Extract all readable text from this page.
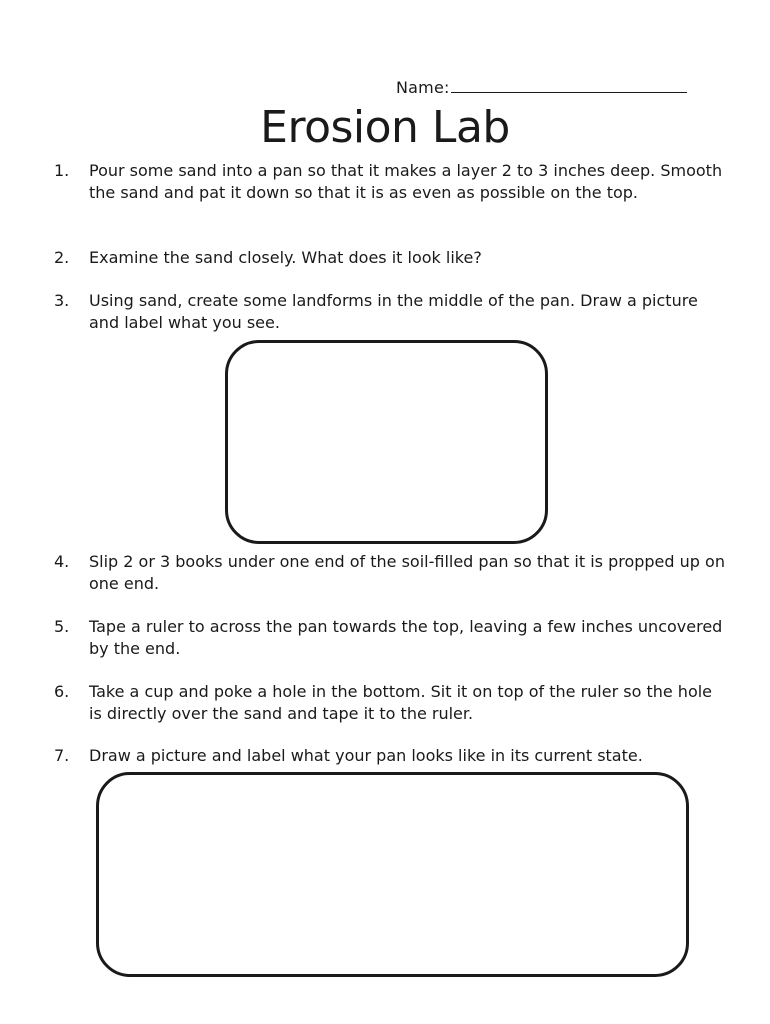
Name:
Erosion Lab
1.	Pour some sand into a pan so that it makes a layer 2 to 3 inches deep. Smooth the sand and pat it down so that it is as even as possible on the top.
2.	Examine the sand closely. What does it look like?
3.	Using sand, create some landforms in the middle of the pan. Draw a picture and label what you see.
4.	Slip 2 or 3 books under one end of the soil-filled pan so that it is propped up on one end.
5.	Tape a ruler to across the pan towards the top, leaving a few inches uncovered by the end.
6.	Take a cup and poke a hole in the bottom. Sit it on top of the ruler so the hole is directly over the sand and tape it to the ruler.
7.	Draw a picture and label what your pan looks like in its current state.
